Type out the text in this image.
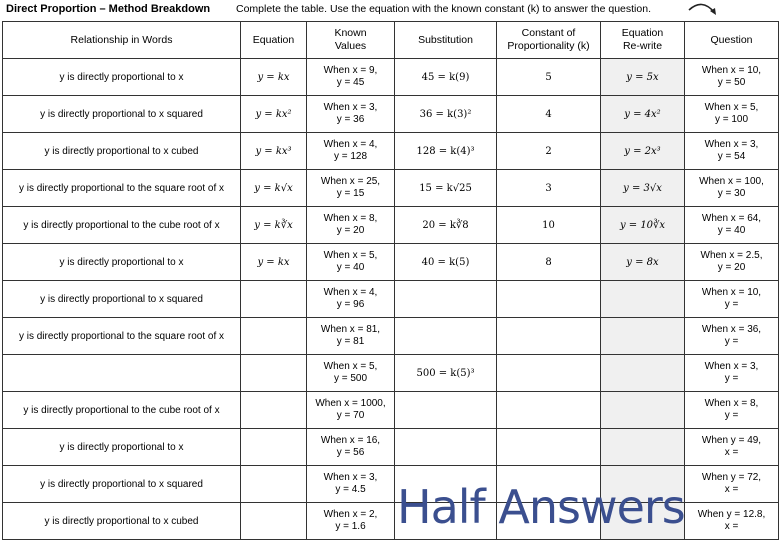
Direct Proportion – Method Breakdown Complete the table. Use the equation with the known constant (k) to answer the question.
Relationship in Words	Equation	Known
Values	Substitution	Constant of
Proportionality (k)	Equation
Re-write	Question
y is directly proportional to x	y = kx	When x = 9,
y = 45	45 = k(9)	5	y = 5x	When x = 10,
y = 50
y is directly proportional to x squared	y = kx²	When x = 3,
y = 36	36 = k(3)²	4	y = 4x²	When x = 5,
y = 100
y is directly proportional to x cubed	y = kx³	When x = 4,
y = 128	128 = k(4)³	2	y = 2x³	When x = 3,
y = 54
y is directly proportional to the square root of x	y = k√x	When x = 25,
y = 15	15 = k√25	3	y = 3√x	When x = 100,
y = 30
y is directly proportional to the cube root of x	y = k∛x	When x = 8,
y = 20	20 = k∛8	10	y = 10∛x	When x = 64,
y = 40
y is directly proportional to x	y = kx	When x = 5,
y = 40	40 = k(5)	8	y = 8x	When x = 2.5,
y = 20
y is directly proportional to x squared		When x = 4,
y = 96				When x = 10,
y =
y is directly proportional to the square root of x		When x = 81,
y = 81				When x = 36,
y =
		When x = 5,
y = 500	500 = k(5)³			When x = 3,
y =
y is directly proportional to the cube root of x		When x = 1000,
y = 70				When x = 8,
y =
y is directly proportional to x		When x = 16,
y = 56				When y = 49,
x =
y is directly proportional to x squared		When x = 3,
y = 4.5				When y = 72,
x =
y is directly proportional to x cubed		When x = 2,
y = 1.6				When y = 12.8,
x =
Half Answers
